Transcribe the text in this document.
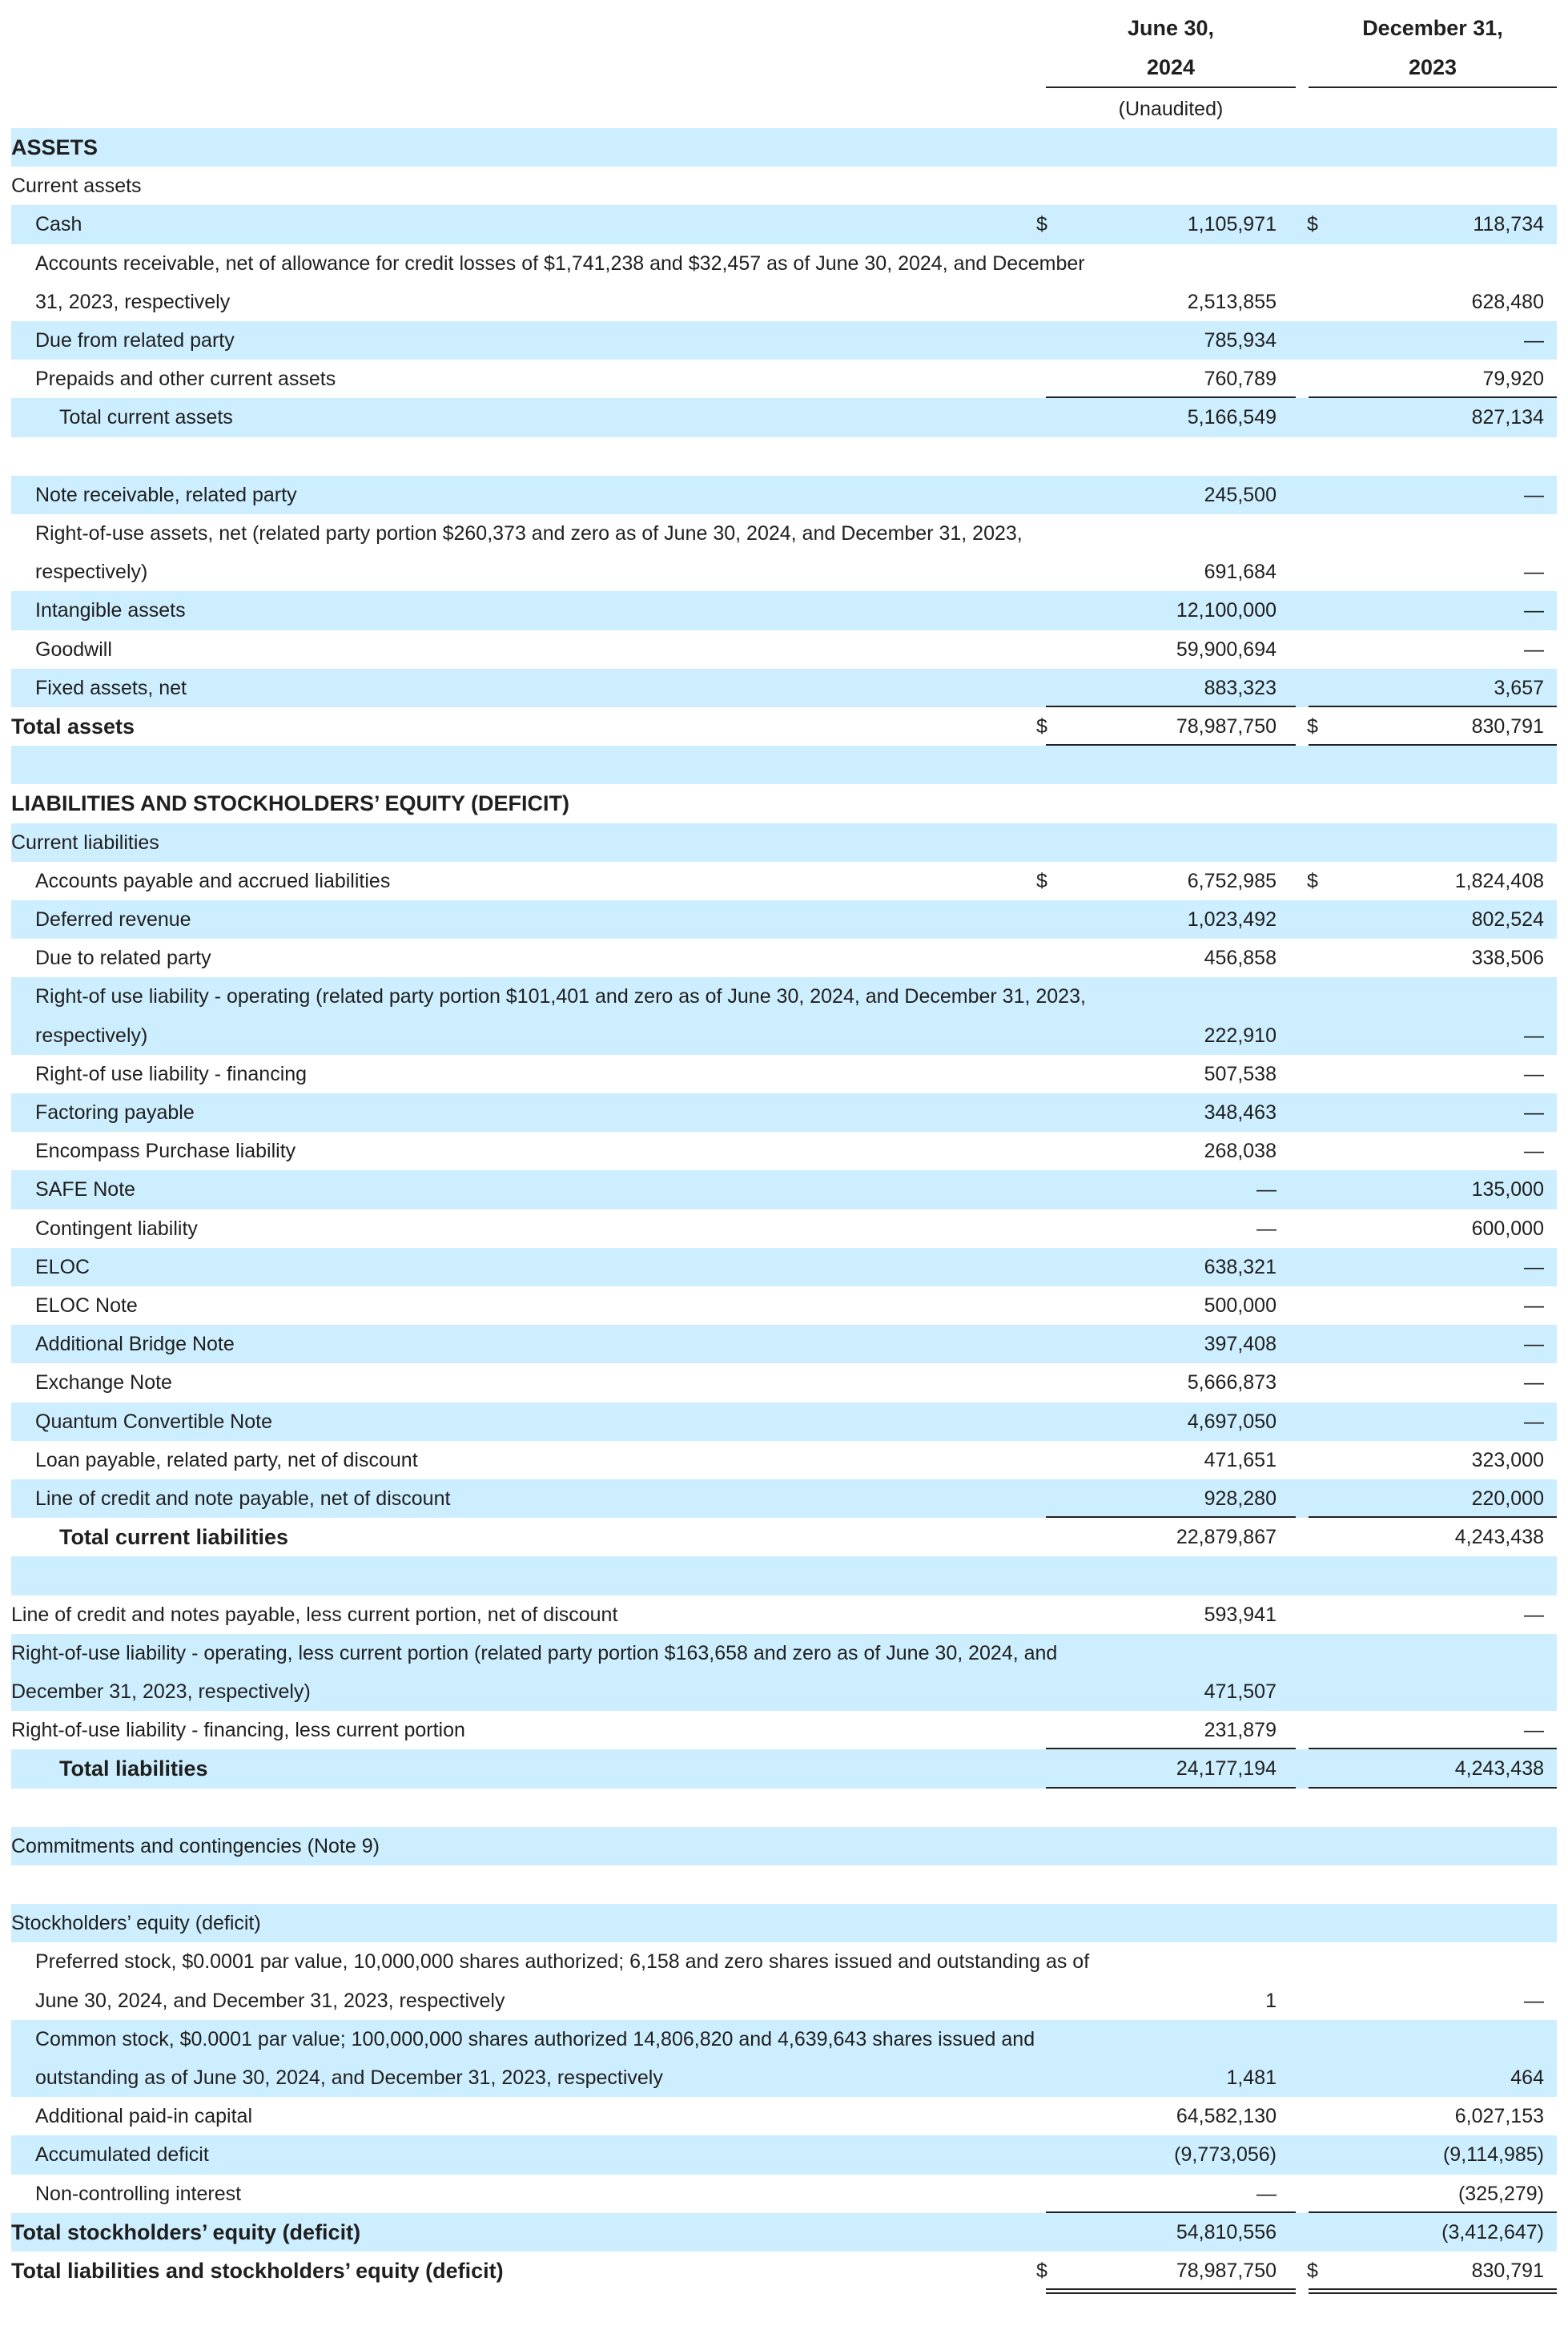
June 30,
2024
December 31,
2023
(Unaudited)
ASSETS
Current assets
Cash	$	1,105,971 $	118,734
Accounts receivable, net of allowance for credit losses of $1,741,238 and $32,457 as of June 30, 2024, and December
31, 2023, respectively	2,513,855	628,480
Due from related party	785,934	—
Prepaids and other current assets	760,789	79,920
Total current assets	5,166,549	827,134
Note receivable, related party	245,500	—
Right-of-use assets, net (related party portion $260,373 and zero as of June 30, 2024, and December 31, 2023,
respectively)	691,684	—
Intangible assets	12,100,000	—
Goodwill	59,900,694	—
Fixed assets, net	883,323	3,657
Total assets	$	78,987,750 $	830,791
LIABILITIES AND STOCKHOLDERS’ EQUITY (DEFICIT)
Current liabilities
Accounts payable and accrued liabilities	$	6,752,985 $	1,824,408
Deferred revenue	1,023,492	802,524
Due to related party	456,858	338,506
Right-of use liability - operating (related party portion $101,401 and zero as of June 30, 2024, and December 31, 2023,
respectively)	222,910	—
Right-of use liability - financing	507,538	—
Factoring payable	348,463	—
Encompass Purchase liability	268,038	—
SAFE Note	—	135,000
Contingent liability	—	600,000
ELOC	638,321	—
ELOC Note	500,000	—
Additional Bridge Note	397,408	—
Exchange Note	5,666,873	—
Quantum Convertible Note	4,697,050	—
Loan payable, related party, net of discount	471,651	323,000
Line of credit and note payable, net of discount	928,280	220,000
Total current liabilities	22,879,867	4,243,438
Line of credit and notes payable, less current portion, net of discount	593,941	—
Right-of-use liability - operating, less current portion (related party portion $163,658 and zero as of June 30, 2024, and
December 31, 2023, respectively)	471,507
Right-of-use liability - financing, less current portion	231,879	—
Total liabilities	24,177,194	4,243,438
Commitments and contingencies (Note 9)
Stockholders’ equity (deficit)
Preferred stock, $0.0001 par value, 10,000,000 shares authorized; 6,158 and zero shares issued and outstanding as of
June 30, 2024, and December 31, 2023, respectively	1	—
Common stock, $0.0001 par value; 100,000,000 shares authorized 14,806,820 and 4,639,643 shares issued and
outstanding as of June 30, 2024, and December 31, 2023, respectively	1,481	464
Additional paid-in capital	64,582,130	6,027,153
Accumulated deficit	(9,773,056)	(9,114,985)
Non-controlling interest	—	(325,279)
Total stockholders’ equity (deficit)	54,810,556	(3,412,647)
Total liabilities and stockholders’ equity (deficit)	$	78,987,750 $	830,791
